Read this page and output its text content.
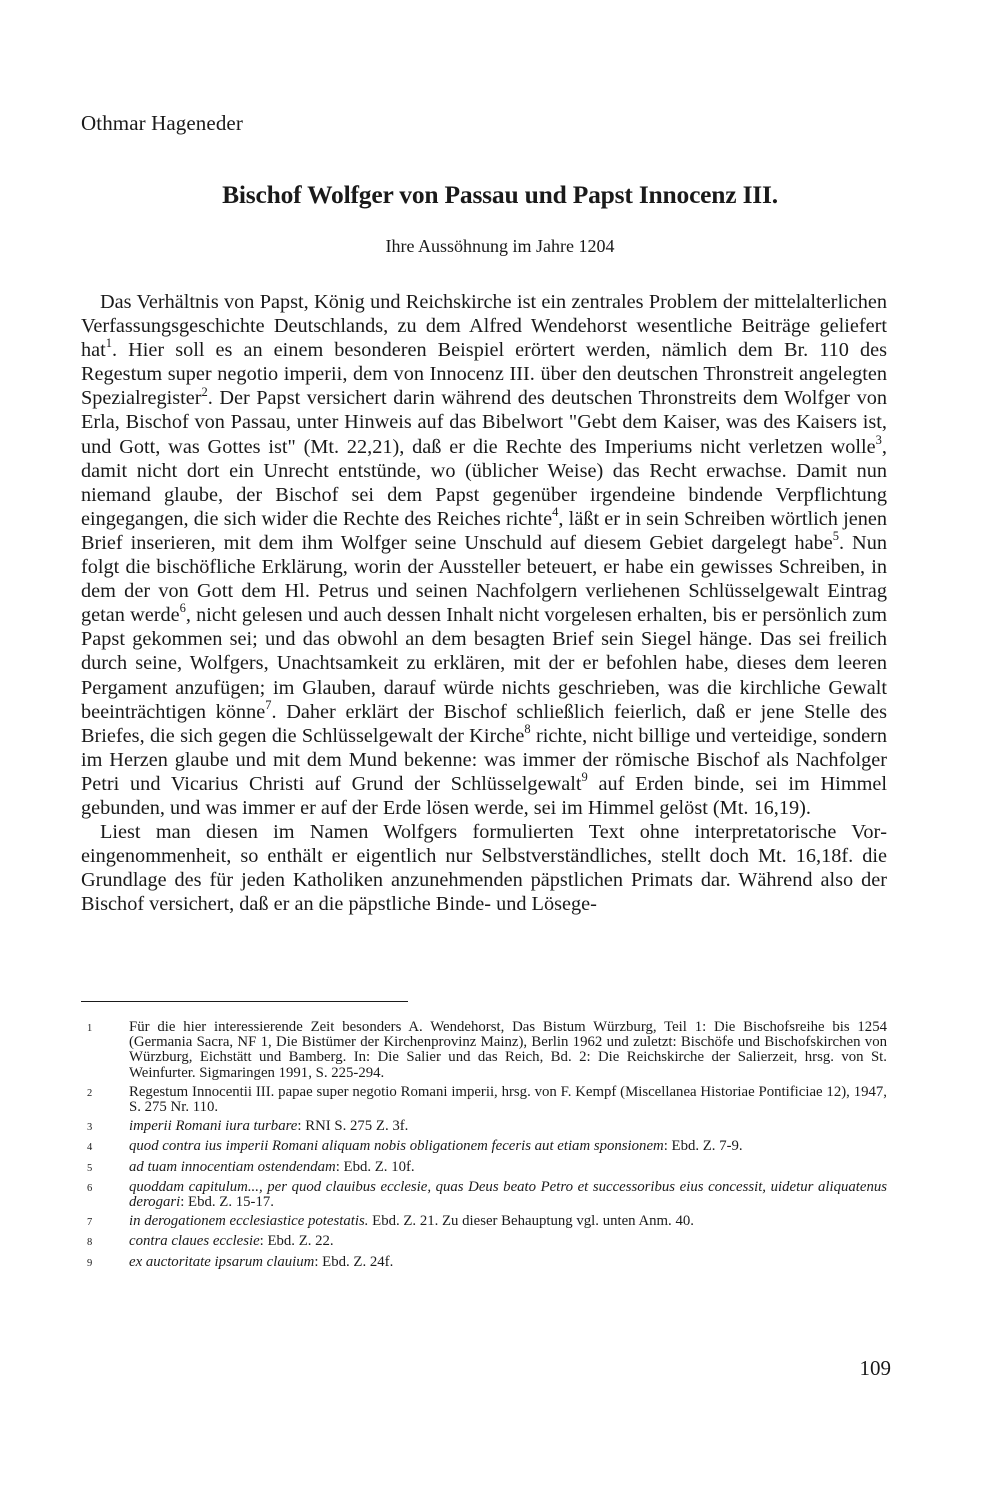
Othmar Hageneder
Bischof Wolfger von Passau und Papst Innocenz III.
Ihre Aussöhnung im Jahre 1204

Das Verhältnis von Papst, König und Reichskirche ist ein zentrales Problem der mittelalterlichen Verfassungsgeschichte Deutschlands, zu dem Alfred Wendehorst wesentliche Beiträge geliefert hat$^1$. Hier soll es an einem besonderen Beispiel erörtert werden, nämlich dem Br. 110 des Regestum super negotio imperii, dem von Innocenz III. über den deutschen Thronstreit angelegten Spezialregister$^2$. Der Papst versichert darin während des deutschen Thronstreits dem Wolfger von Erla, Bischof von Passau, unter Hinweis auf das Bibelwort "Gebt dem Kaiser, was des Kaisers ist, und Gott, was Gottes ist" (Mt. 22,21), daß er die Rechte des Imperiums nicht verletzen wolle$^3$, damit nicht dort ein Unrecht entstünde, wo (üblicher Weise) das Recht erwachse. Damit nun niemand glaube, der Bischof sei dem Papst gegenüber irgendeine bindende Verpflichtung eingegangen, die sich wider die Rechte des Reiches richte$^4$, läßt er in sein Schreiben wörtlich jenen Brief inserieren, mit dem ihm Wolfger seine Unschuld auf diesem Gebiet dargelegt habe$^5$. Nun folgt die bischöfliche Erklärung, worin der Aussteller beteuert, er habe ein gewisses Schreiben, in dem der von Gott dem Hl. Petrus und seinen Nachfolgern verliehenen Schlüsselgewalt Eintrag getan werde$^6$, nicht gelesen und auch dessen Inhalt nicht vorgelesen erhalten, bis er persönlich zum Papst gekommen sei; und das obwohl an dem besagten Brief sein Siegel hänge. Das sei freilich durch seine, Wolfgers, Unachtsamkeit zu erklären, mit der er befohlen habe, dieses dem leeren Pergament anzufügen; im Glauben, darauf würde nichts geschrieben, was die kirchliche Gewalt beeinträchtigen könne$^7$. Daher erklärt der Bischof schließlich feierlich, daß er jene Stelle des Briefes, die sich gegen die Schlüsselgewalt der Kirche$^8$ richte, nicht billige und verteidige, sondern im Herzen glaube und mit dem Mund bekenne: was immer der römische Bischof als Nachfolger Petri und Vicarius Christi auf Grund der Schlüsselgewalt$^9$ auf Erden binde, sei im Himmel gebunden, und was immer er auf der Erde lösen werde, sei im Himmel gelöst (Mt. 16,19).

Liest man diesen im Namen Wolfgers formulierten Text ohne interpretatorische Voreingenommenheit, so enthält er eigentlich nur Selbstverständliches, stellt doch Mt. 16,18f. die Grundlage des für jeden Katholiken anzunehmenden päpstlichen Primats dar. Während also der Bischof versichert, daß er an die päpstliche Binde- und Lösege-

1	Für die hier interessierende Zeit besonders A. Wendehorst, Das Bistum Würzburg, Teil 1: Die Bischofsreihe bis 1254 (Germania Sacra, NF 1, Die Bistümer der Kirchenprovinz Mainz), Berlin 1962 und zuletzt: Bischöfe und Bischofskirchen von Würzburg, Eichstätt und Bamberg. In: Die Salier und das Reich, Bd. 2: Die Reichskirche der Salierzeit, hrsg. von St. Weinfurter. Sigmaringen 1991, S. 225-294.
2	Regestum Innocentii III. papae super negotio Romani imperii, hrsg. von F. Kempf (Miscellanea Historiae Pontificiae 12), 1947, S. 275 Nr. 110.
3	imperii Romani iura turbare: RNI S. 275 Z. 3f.
4	quod contra ius imperii Romani aliquam nobis obligationem feceris aut etiam sponsionem: Ebd. Z. 7-9.
5	ad tuam innocentiam ostendendam: Ebd. Z. 10f.
6	quoddam capitulum..., per quod clauibus ecclesie, quas Deus beato Petro et successoribus eius concessit, uidetur aliquatenus derogari: Ebd. Z. 15-17.
7	in derogationem ecclesiastice potestatis. Ebd. Z. 21. Zu dieser Behauptung vgl. unten Anm. 40.
8	contra claues ecclesie: Ebd. Z. 22.
9	ex auctoritate ipsarum clauium: Ebd. Z. 24f.
109
